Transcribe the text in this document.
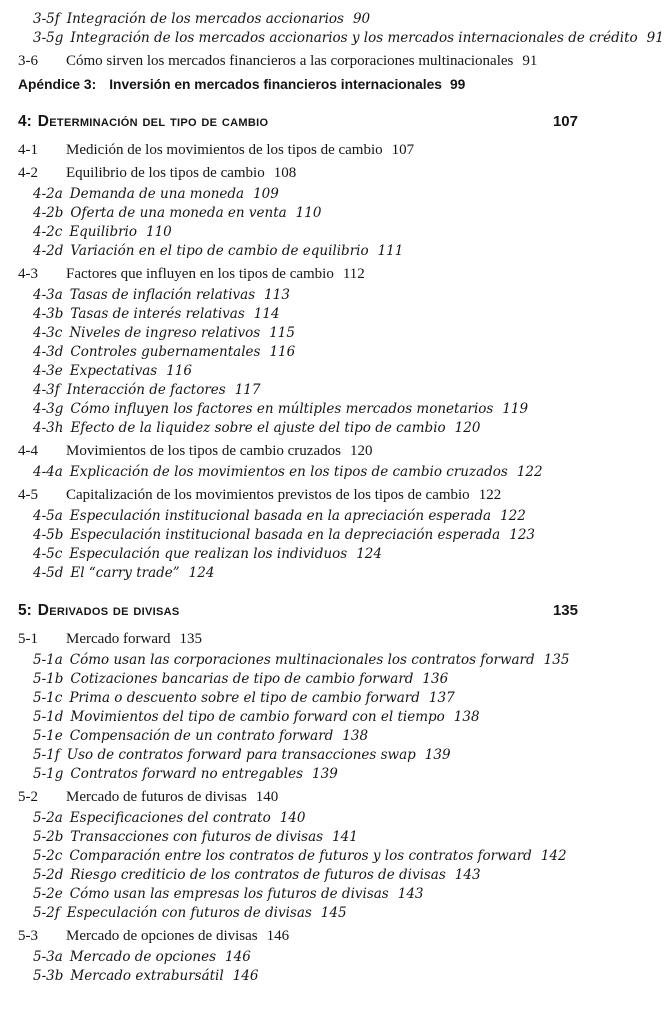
3-5f Integración de los mercados accionarios 90
3-5g Integración de los mercados accionarios y los mercados internacionales de crédito 91
3-6	Cómo sirven los mercados financieros a las corporaciones multinacionales 91
Apéndice 3: Inversión en mercados financieros internacionales 99
4: Determinación del tipo de cambio	107
4-1	Medición de los movimientos de los tipos de cambio 107
4-2	Equilibrio de los tipos de cambio 108
4-2a Demanda de una moneda 109
4-2b Oferta de una moneda en venta 110
4-2c Equilibrio 110
4-2d Variación en el tipo de cambio de equilibrio 111
4-3	Factores que influyen en los tipos de cambio 112
4-3a Tasas de inflación relativas 113
4-3b Tasas de interés relativas 114
4-3c Niveles de ingreso relativos 115
4-3d Controles gubernamentales 116
4-3e Expectativas 116
4-3f Interacción de factores 117
4-3g Cómo influyen los factores en múltiples mercados monetarios 119
4-3h Efecto de la liquidez sobre el ajuste del tipo de cambio 120
4-4	Movimientos de los tipos de cambio cruzados 120
4-4a Explicación de los movimientos en los tipos de cambio cruzados 122
4-5	Capitalización de los movimientos previstos de los tipos de cambio 122
4-5a Especulación institucional basada en la apreciación esperada 122
4-5b Especulación institucional basada en la depreciación esperada 123
4-5c Especulación que realizan los individuos 124
4-5d El “carry trade” 124
5: Derivados de divisas	135
5-1	Mercado forward 135
5-1a Cómo usan las corporaciones multinacionales los contratos forward 135
5-1b Cotizaciones bancarias de tipo de cambio forward 136
5-1c Prima o descuento sobre el tipo de cambio forward 137
5-1d Movimientos del tipo de cambio forward con el tiempo 138
5-1e Compensación de un contrato forward 138
5-1f Uso de contratos forward para transacciones swap 139
5-1g Contratos forward no entregables 139
5-2	Mercado de futuros de divisas 140
5-2a Especificaciones del contrato 140
5-2b Transacciones con futuros de divisas 141
5-2c Comparación entre los contratos de futuros y los contratos forward 142
5-2d Riesgo crediticio de los contratos de futuros de divisas 143
5-2e Cómo usan las empresas los futuros de divisas 143
5-2f Especulación con futuros de divisas 145
5-3	Mercado de opciones de divisas 146
5-3a Mercado de opciones 146
5-3b Mercado extrabursátil 146
